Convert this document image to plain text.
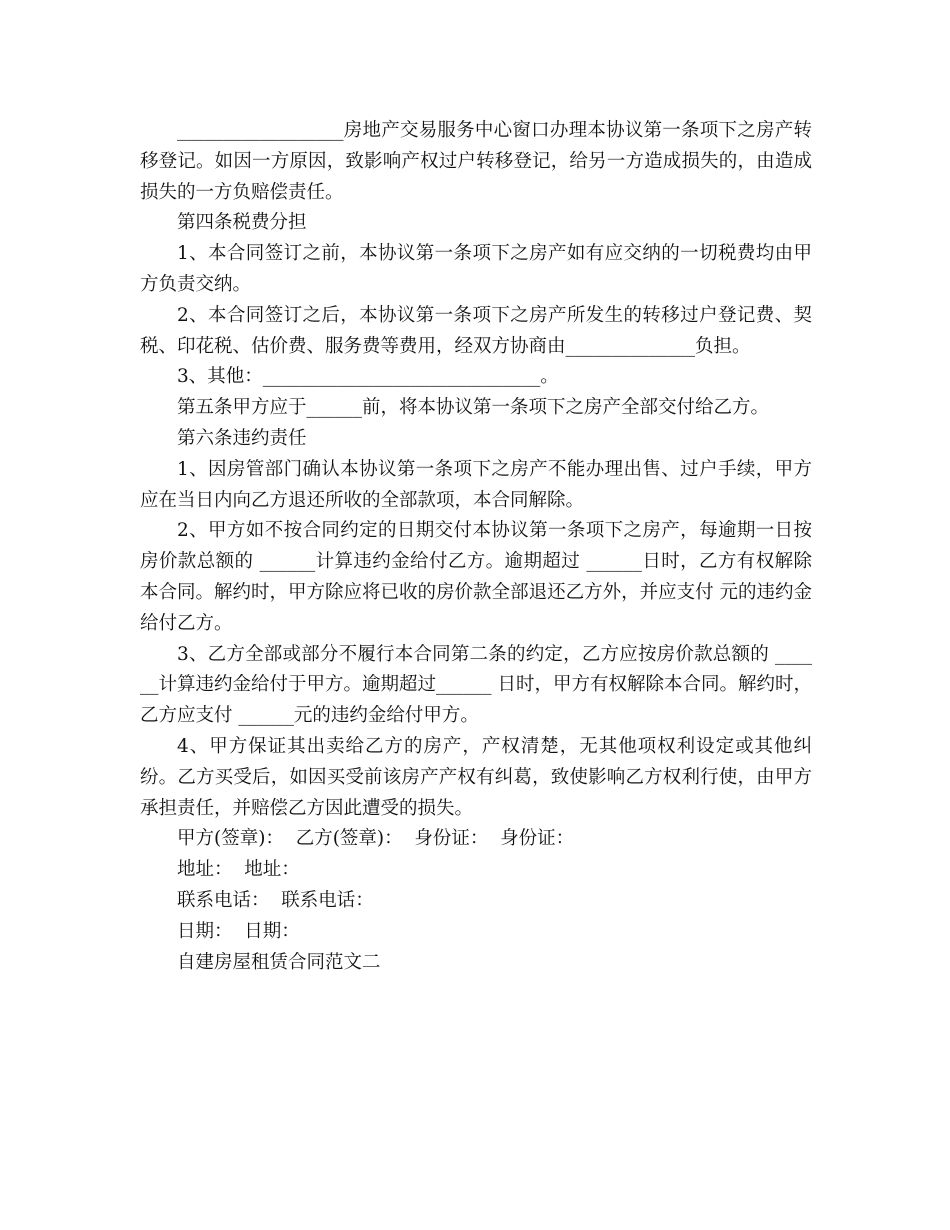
__________________房地产交易服务中心窗口办理本协议第一条项下之房产转移登记。如因一方原因，致影响产权过户转移登记，给另一方造成损失的，由造成损失的一方负赔偿责任。

第四条税费分担

1、本合同签订之前，本协议第一条项下之房产如有应交纳的一切税费均由甲方负责交纳。

2、本合同签订之后，本协议第一条项下之房产所发生的转移过户登记费、契税、印花税、估价费、服务费等费用，经双方协商由______________负担。

3、其他：______________________________。

第五条甲方应于______前，将本协议第一条项下之房产全部交付给乙方。

第六条违约责任

1、因房管部门确认本协议第一条项下之房产不能办理出售、过户手续，甲方应在当日内向乙方退还所收的全部款项，本合同解除。

2、甲方如不按合同约定的日期交付本协议第一条项下之房产，每逾期一日按房价款总额的 ______计算违约金给付乙方。逾期超过 ______日时，乙方有权解除本合同。解约时，甲方除应将已收的房价款全部退还乙方外，并应支付 元的违约金给付乙方。

3、乙方全部或部分不履行本合同第二条的约定，乙方应按房价款总额的 ______计算违约金给付于甲方。逾期超过______ 日时，甲方有权解除本合同。解约时，乙方应支付 ______元的违约金给付甲方。

4、甲方保证其出卖给乙方的房产，产权清楚，无其他项权利设定或其他纠纷。乙方买受后，如因买受前该房产产权有纠葛，致使影响乙方权利行使，由甲方承担责任，并赔偿乙方因此遭受的损失。

甲方(签章)：  乙方(签章)：  身份证：  身份证：

地址：  地址：

联系电话：  联系电话：

日期：  日期：

自建房屋租赁合同范文二
